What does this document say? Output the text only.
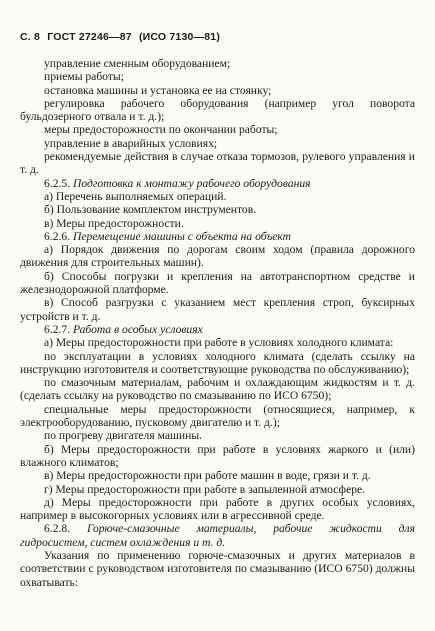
С. 8 ГОСТ 27246—87 (ИСО 7130—81)

управление сменным оборудованием;

приемы работы;

остановка машины и установка ее на стоянку;

регулировка рабочего оборудования (например угол поворота бульдозерного отвала и т. д.);

меры предосторожности по окончании работы;

управление в аварийных условиях;

рекомендуемые действия в случае отказа тормозов, рулевого управления и т. д.

6.2.5. Подготовка к монтажу рабочего оборудования

а) Перечень выполняемых операций.

б) Пользование комплектом инструментов.

в) Меры предосторожности.

6.2.6. Перемещение машины с объекта на объект

а) Порядок движения по дорогам своим ходом (правила дорожного движения для строительных машин).

б) Способы погрузки и крепления на автотранспортном средстве и железнодорожной платформе.

в) Способ разгрузки с указанием мест крепления строп, буксирных устройств и т. д.

6.2.7. Работа в особых условиях

а) Меры предосторожности при работе в условиях холодного климата:

по эксплуатации в условиях холодного климата (сделать ссылку на инструкцию изготовителя и соответствующие руководства по обслуживанию);

по смазочным материалам, рабочим и охлаждающим жидкостям и т. д. (сделать ссылку на руководство по смазыванию по ИСО 6750);

специальные меры предосторожности (относящиеся, например, к электрооборудованию, пусковому двигателю и т. д.);

по прогреву двигателя машины.

б) Меры предосторожности при работе в условиях жаркого и (или) влажного климатов;

в) Меры предосторожности при работе машин в воде, грязи и т. д.

г) Меры предосторожности при работе в запыленной атмосфере.

д) Меры предосторожности при работе в других особых условиях, например в высокогорных условиях или в агрессивной среде.

6.2.8. Горюче-смазочные материалы, рабочие жидкости для гидросистем, систем охлаждения и т. д.

Указания по применению горюче-смазочных и других материалов в соответствии с руководством изготовителя по смазыванию (ИСО 6750) должны охватывать:
